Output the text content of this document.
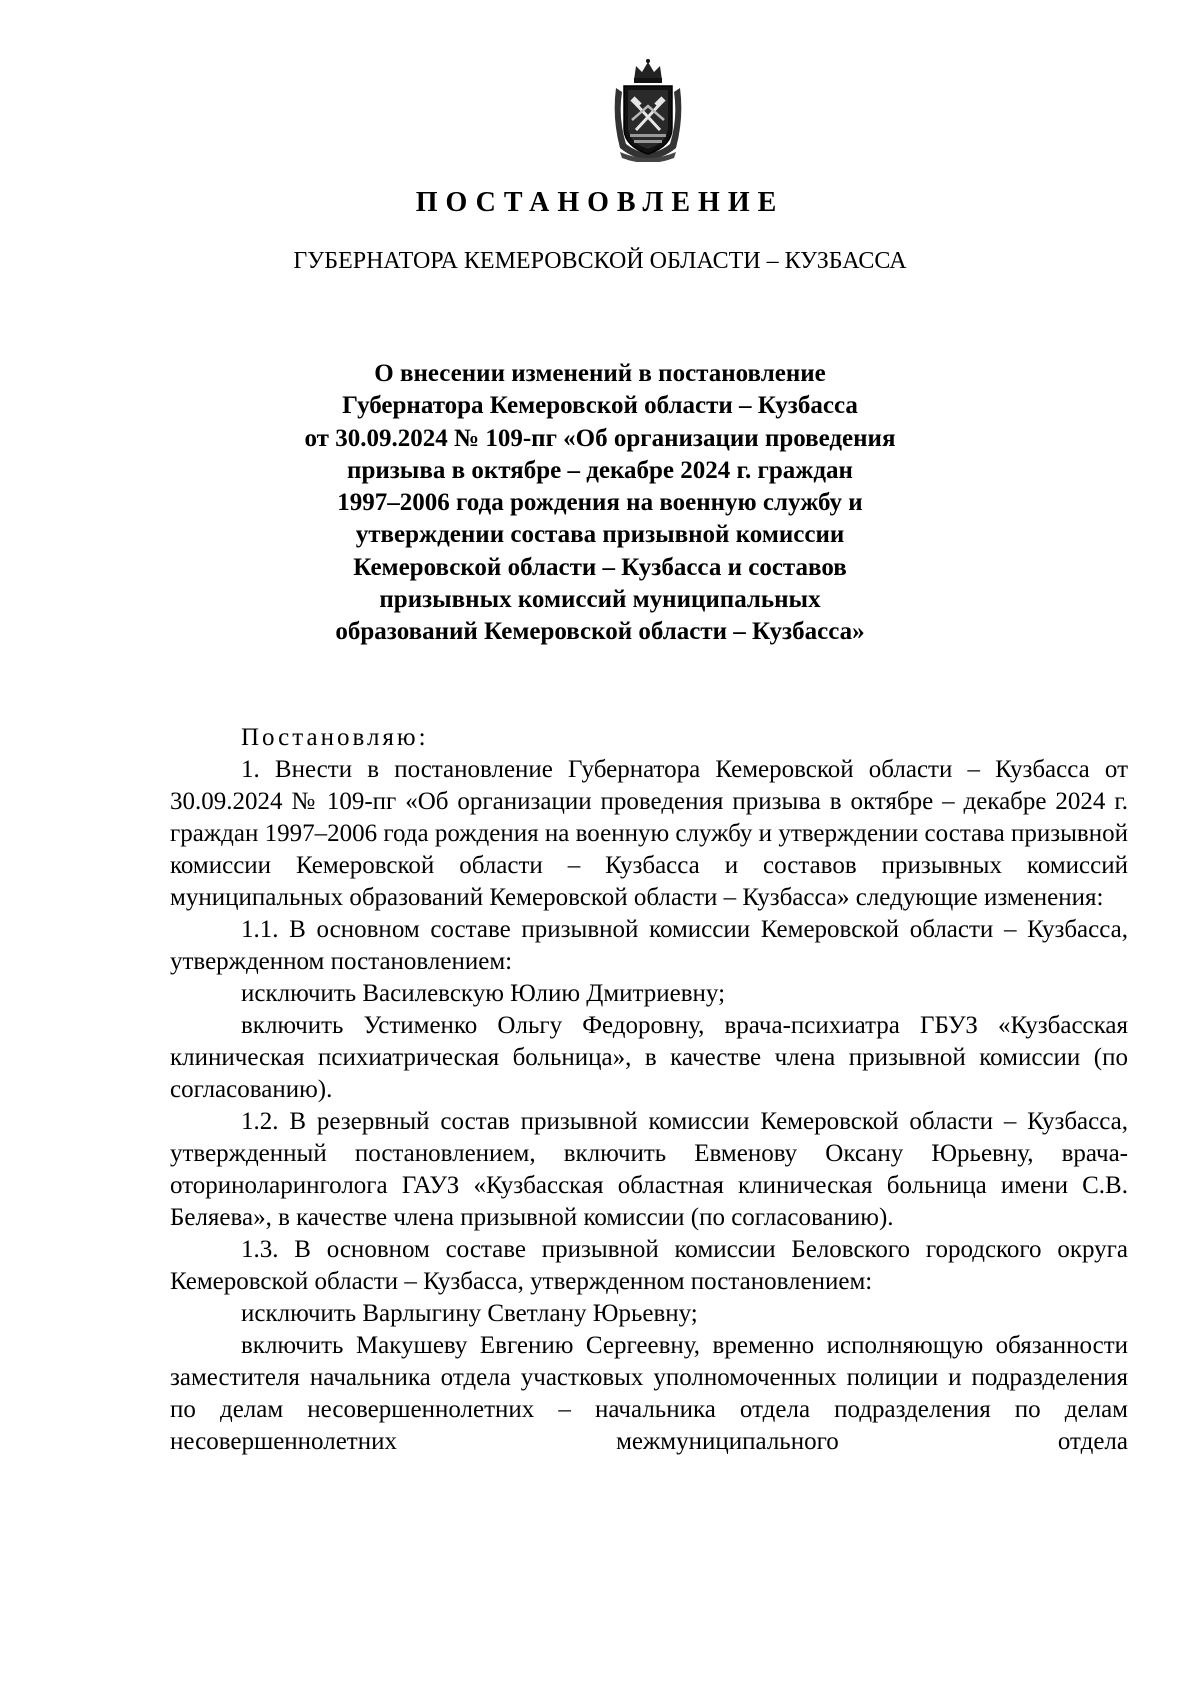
ПОСТАНОВЛЕНИЕ
ГУБЕРНАТОРА КЕМЕРОВСКОЙ ОБЛАСТИ – КУЗБАССА
О внесении изменений в постановление
Губернатора Кемеровской области – Кузбасса
от 30.09.2024 № 109-пг «Об организации проведения
призыва в октябре – декабре 2024 г. граждан
1997–2006 года рождения на военную службу и
утверждении состава призывной комиссии
Кемеровской области – Кузбасса и составов
призывных комиссий муниципальных
образований Кемеровской области – Кузбасса»
Постановляю:

1. Внести в постановление Губернатора Кемеровской области – Кузбасса от 30.09.2024 № 109-пг «Об организации проведения призыва в октябре – декабре 2024 г. граждан 1997–2006 года рождения на военную службу и утверждении состава призывной комиссии Кемеровской области – Кузбасса и составов призывных комиссий муниципальных образований Кемеровской области – Кузбасса» следующие изменения:

1.1. В основном составе призывной комиссии Кемеровской области – Кузбасса, утвержденном постановлением:

исключить Василевскую Юлию Дмитриевну;

включить Устименко Ольгу Федоровну, врача-психиатра ГБУЗ «Кузбасская клиническая психиатрическая больница», в качестве члена призывной комиссии (по согласованию).

1.2. В резервный состав призывной комиссии Кемеровской области – Кузбасса, утвержденный постановлением, включить Евменову Оксану Юрьевну, врача-оториноларинголога ГАУЗ «Кузбасская областная клиническая больница имени С.В. Беляева», в качестве члена призывной комиссии (по согласованию).

1.3. В основном составе призывной комиссии Беловского городского округа Кемеровской области – Кузбасса, утвержденном постановлением:

исключить Варлыгину Светлану Юрьевну;

включить Макушеву Евгению Сергеевну, временно исполняющую обязанности заместителя начальника отдела участковых уполномоченных полиции и подразделения по делам несовершеннолетних – начальника отдела подразделения по делам несовершеннолетних межмуниципального отдела
